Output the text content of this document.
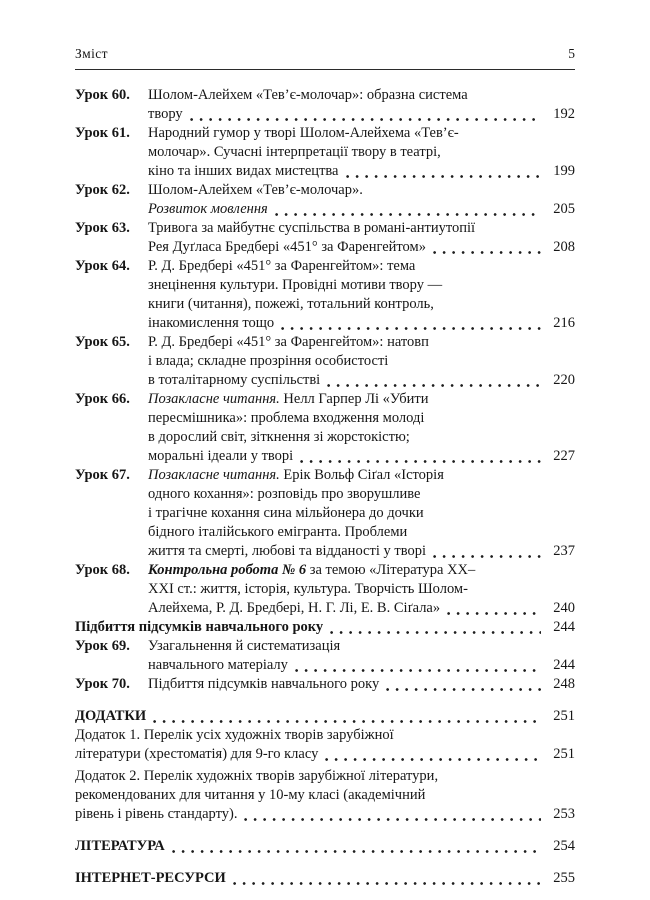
Зміст	5
Урок 60.	Шолом-Алейхем «Тев’є-молочар»: образна система
твору	192
Урок 61.	Народний гумор у творі Шолом-Алейхема «Тев’є-
молочар». Сучасні інтерпретації твору в театрі,
кіно та інших видах мистецтва	199
Урок 62.	Шолом-Алейхем «Тев’є-молочар».
Розвиток мовлення	205
Урок 63.	Тривога за майбутнє суспільства в романі-антиутопії
Рея Дуґласа Бредбері «451° за Фаренгейтом»	208
Урок 64.	Р. Д. Бредбері «451° за Фаренгейтом»: тема
знецінення культури. Провідні мотиви твору —
книги (читання), пожежі, тотальний контроль,
інакомислення тощо	216
Урок 65.	Р. Д. Бредбері «451° за Фаренгейтом»: натовп
і влада; складне прозріння особистості
в тоталітарному суспільстві	220
Урок 66.	Позакласне читання. Нелл Гарпер Лі «Убити
пересмішника»: проблема входження молоді
в дорослий світ, зіткнення зі жорстокістю;
моральні ідеали у творі	227
Урок 67.	Позакласне читання. Ерік Вольф Сіґал «Історія
одного кохання»: розповідь про зворушливе
і трагічне кохання сина мільйонера до дочки
бідного італійського емігранта. Проблеми
життя та смерті, любові та відданості у творі	237
Урок 68.	Контрольна робота № 6 за темою «Література XX–
XXI ст.: життя, історія, культура. Творчість Шолом-
Алейхема, Р. Д. Бредбері, Н. Г. Лі, Е. В. Сіґала»	240
Підбиття підсумків навчального року	244
Урок 69.	Узагальнення й систематизація
навчального матеріалу	244
Урок 70.	Підбиття підсумків навчального року	248
ДОДАТКИ	251
Додаток 1. Перелік усіх художніх творів зарубіжної
літератури (хрестоматія) для 9-го класу	251
Додаток 2. Перелік художніх творів зарубіжної літератури,
рекомендованих для читання у 10-му класі (академічний
рівень і рівень стандарту).	253
ЛІТЕРАТУРА	254
ІНТЕРНЕТ-РЕСУРСИ	255
